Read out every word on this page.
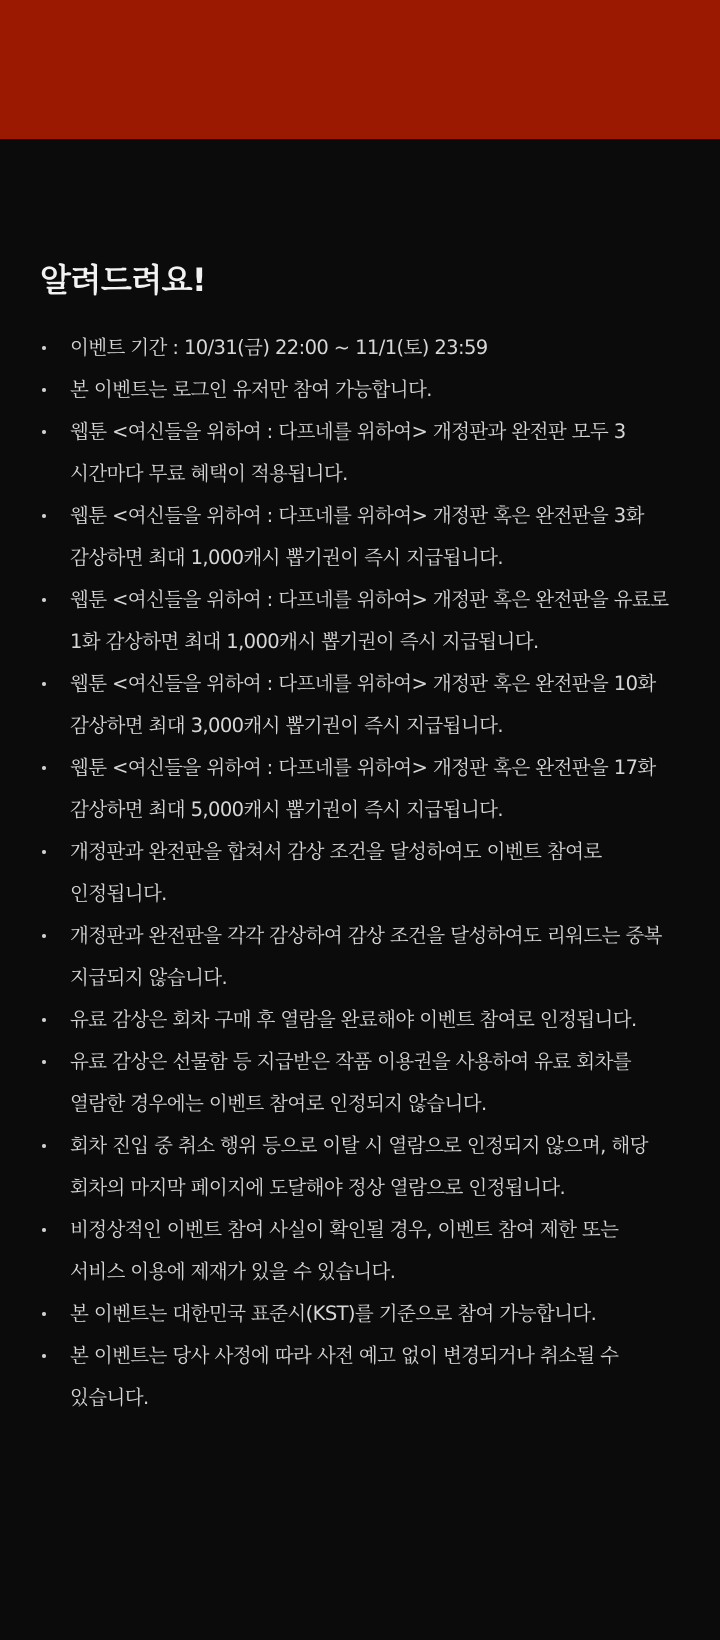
알려드려요!
이벤트 기간 : 10/31(금) 22:00 ~ 11/1(토) 23:59
본 이벤트는 로그인 유저만 참여 가능합니다.
웹툰 <여신들을 위하여 : 다프네를 위하여> 개정판과 완전판 모두 3
시간마다 무료 혜택이 적용됩니다.
웹툰 <여신들을 위하여 : 다프네를 위하여> 개정판 혹은 완전판을 3화
감상하면 최대 1,000캐시 뽑기권이 즉시 지급됩니다.
웹툰 <여신들을 위하여 : 다프네를 위하여> 개정판 혹은 완전판을 유료로
1화 감상하면 최대 1,000캐시 뽑기권이 즉시 지급됩니다.
웹툰 <여신들을 위하여 : 다프네를 위하여> 개정판 혹은 완전판을 10화
감상하면 최대 3,000캐시 뽑기권이 즉시 지급됩니다.
웹툰 <여신들을 위하여 : 다프네를 위하여> 개정판 혹은 완전판을 17화
감상하면 최대 5,000캐시 뽑기권이 즉시 지급됩니다.
개정판과 완전판을 합쳐서 감상 조건을 달성하여도 이벤트 참여로
인정됩니다.
개정판과 완전판을 각각 감상하여 감상 조건을 달성하여도 리워드는 중복
지급되지 않습니다.
유료 감상은 회차 구매 후 열람을 완료해야 이벤트 참여로 인정됩니다.
유료 감상은 선물함 등 지급받은 작품 이용권을 사용하여 유료 회차를
열람한 경우에는 이벤트 참여로 인정되지 않습니다.
회차 진입 중 취소 행위 등으로 이탈 시 열람으로 인정되지 않으며, 해당
회차의 마지막 페이지에 도달해야 정상 열람으로 인정됩니다.
비정상적인 이벤트 참여 사실이 확인될 경우, 이벤트 참여 제한 또는
서비스 이용에 제재가 있을 수 있습니다.
본 이벤트는 대한민국 표준시(KST)를 기준으로 참여 가능합니다.
본 이벤트는 당사 사정에 따라 사전 예고 없이 변경되거나 취소될 수
있습니다.
